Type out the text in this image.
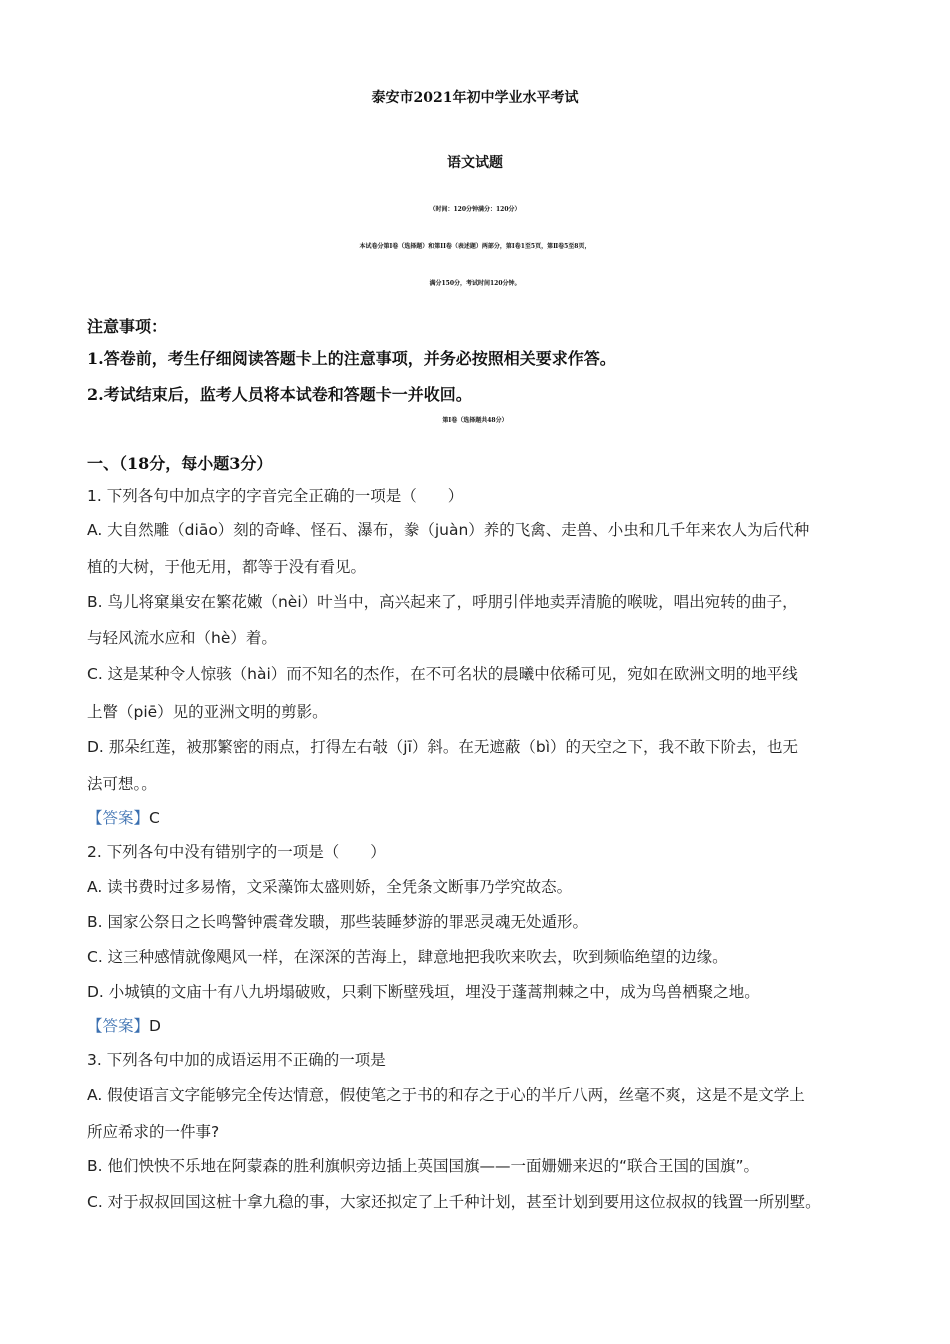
泰安市2021年初中学业水平考试
语文试题
（时间：120分钟满分：120分）
本试卷分第Ⅰ卷（选择题）和第II卷（表述题）两部分，第Ⅰ卷1至5页，第Ⅱ卷5至8页，
满分150分，考试时间120分钟。
注意事项：
1.答卷前，考生仔细阅读答题卡上的注意事项，并务必按照相关要求作答。
2.考试结束后，监考人员将本试卷和答题卡一并收回。
第Ⅰ卷（选择题共48分）
一、（18分，每小题3分）
1. 下列各句中加点字的字音完全正确的一项是（　　）
A. 大自然雕（diāo）刻的奇峰、怪石、瀑布，豢（juàn）养的飞禽、走兽、小虫和几千年来农人为后代种
植的大树，于他无用，都等于没有看见。
B. 鸟儿将窠巢安在繁花嫩（nèi）叶当中，高兴起来了，呼朋引伴地卖弄清脆的喉咙，唱出宛转的曲子，
与轻风流水应和（hè）着。
C. 这是某种令人惊骇（hài）而不知名的杰作，在不可名状的晨曦中依稀可见，宛如在欧洲文明的地平线
上瞥（piē）见的亚洲文明的剪影。
D. 那朵红莲，被那繁密的雨点，打得左右攲（jī）斜。在无遮蔽（bì）的天空之下，我不敢下阶去，也无
法可想。。
【答案】C
2. 下列各句中没有错别字的一项是（　　）
A. 读书费时过多易惰，文采藻饰太盛则娇，全凭条文断事乃学究故态。
B. 国家公祭日之长鸣警钟震聋发聩，那些装睡梦游的罪恶灵魂无处遁形。
C. 这三种感情就像飓风一样，在深深的苦海上，肆意地把我吹来吹去，吹到频临绝望的边缘。
D. 小城镇的文庙十有八九坍塌破败，只剩下断壁残垣，埋没于蓬蒿荆棘之中，成为鸟兽栖聚之地。
【答案】D
3. 下列各句中加的成语运用不正确的一项是
A. 假使语言文字能够完全传达情意，假使笔之于书的和存之于心的半斤八两，丝毫不爽，这是不是文学上
所应希求的一件事?
B. 他们怏怏不乐地在阿蒙森的胜利旗帜旁边插上英国国旗——一面姗姗来迟的“联合王国的国旗”。
C. 对于叔叔回国这桩十拿九稳的事，大家还拟定了上千种计划，甚至计划到要用这位叔叔的钱置一所别墅。
